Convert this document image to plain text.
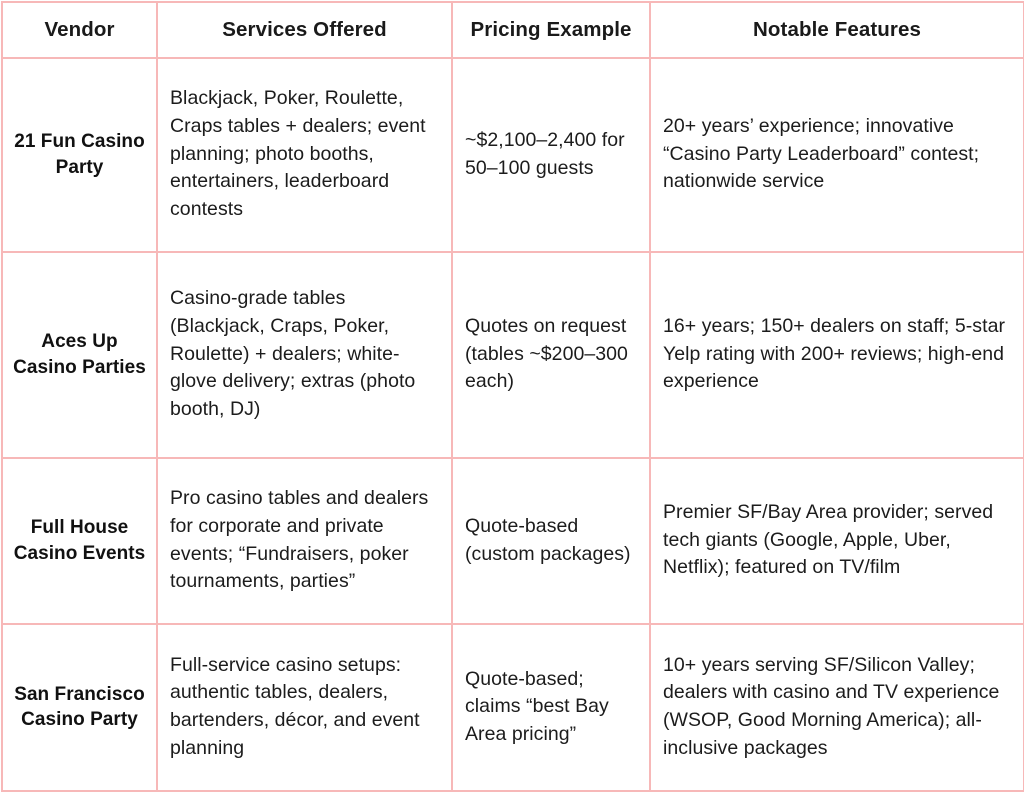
Vendor	Services Offered	Pricing Example	Notable Features
21 Fun Casino Party	Blackjack, Poker, Roulette, Craps tables + dealers; event planning; photo booths, entertainers, leaderboard contests	~$2,100–2,400 for 50–100 guests	20+ years’ experience; innovative “Casino Party Leaderboard” contest; nationwide service
Aces Up Casino Parties	Casino-grade tables (Blackjack, Craps, Poker, Roulette) + dealers; white-glove delivery; extras (photo booth, DJ)	Quotes on request (tables ~$200–300 each)	16+ years; 150+ dealers on staff; 5-star Yelp rating with 200+ reviews; high-end experience
Full House Casino Events	Pro casino tables and dealers for corporate and private events; “Fundraisers, poker tournaments, parties”	Quote-based (custom packages)	Premier SF/Bay Area provider; served tech giants (Google, Apple, Uber, Netflix); featured on TV/film
San Francisco Casino Party	Full-service casino setups: authentic tables, dealers, bartenders, décor, and event planning	Quote-based; claims “best Bay Area pricing”	10+ years serving SF/Silicon Valley; dealers with casino and TV experience (WSOP, Good Morning America); all-inclusive packages
